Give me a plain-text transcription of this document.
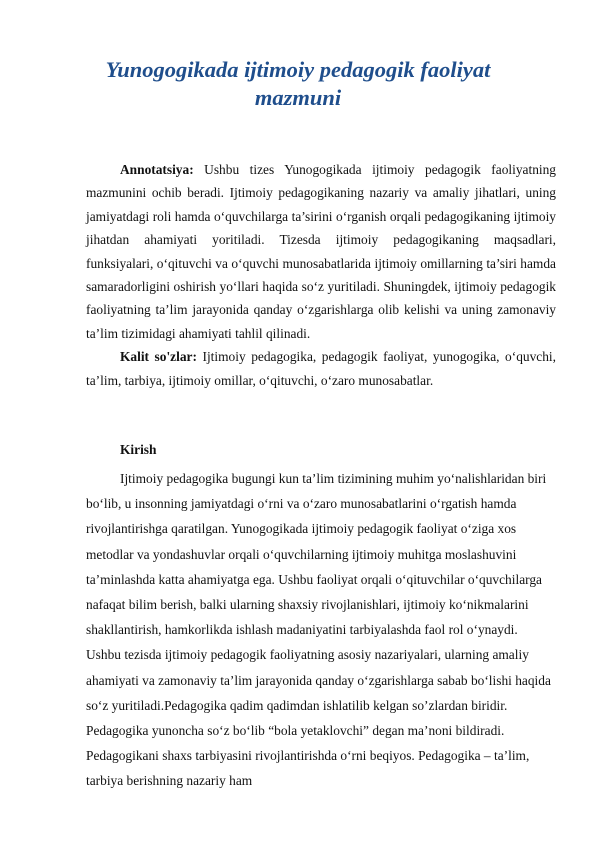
Yunogogikada ijtimoiy pedagogik faoliyat mazmuni

Annotatsiya: Ushbu tizes Yunogogikada ijtimoiy pedagogik faoliyatning mazmunini ochib beradi. Ijtimoiy pedagogikaning nazariy va amaliy jihatlari, uning jamiyatdagi roli hamda o‘quvchilarga ta’sirini o‘rganish orqali pedagogikaning ijtimoiy jihatdan ahamiyati yoritiladi. Tizesda ijtimoiy pedagogikaning maqsadlari, funksiyalari, o‘qituvchi va o‘quvchi munosabatlarida ijtimoiy omillarning ta’siri hamda samaradorligini oshirish yo‘llari haqida so‘z yuritiladi. Shuningdek, ijtimoiy pedagogik faoliyatning ta’lim jarayonida qanday o‘zgarishlarga olib kelishi va uning zamonaviy ta’lim tizimidagi ahamiyati tahlil qilinadi.

Kalit so'zlar: Ijtimoiy pedagogika, pedagogik faoliyat, yunogogika, o‘quvchi, ta’lim, tarbiya, ijtimoiy omillar, o‘qituvchi, o‘zaro munosabatlar.

Kirish

Ijtimoiy pedagogika bugungi kun ta’lim tizimining muhim yo‘nalishlaridan biri bo‘lib, u insonning jamiyatdagi o‘rni va o‘zaro munosabatlarini o‘rgatish hamda rivojlantirishga qaratilgan. Yunogogikada ijtimoiy pedagogik faoliyat o‘ziga xos metodlar va yondashuvlar orqali o‘quvchilarning ijtimoiy muhitga moslashuvini ta’minlashda katta ahamiyatga ega. Ushbu faoliyat orqali o‘qituvchilar o‘quvchilarga nafaqat bilim berish, balki ularning shaxsiy rivojlanishlari, ijtimoiy ko‘nikmalarini shakllantirish, hamkorlikda ishlash madaniyatini tarbiyalashda faol rol o‘ynaydi. Ushbu tezisda ijtimoiy pedagogik faoliyatning asosiy nazariyalari, ularning amaliy ahamiyati va zamonaviy ta’lim jarayonida qanday o‘zgarishlarga sabab bo‘lishi haqida so‘z yuritiladi.Pedagogika qadim qadimdan ishlatilib kelgan so’zlardan biridir. Pedagogika yunoncha so‘z bo‘lib “bola yetaklovchi” degan ma’noni bildiradi. Pedagogikani shaxs tarbiyasini rivojlantirishda o‘rni beqiyos. Pedagogika – ta’lim, tarbiya berishning nazariy ham
